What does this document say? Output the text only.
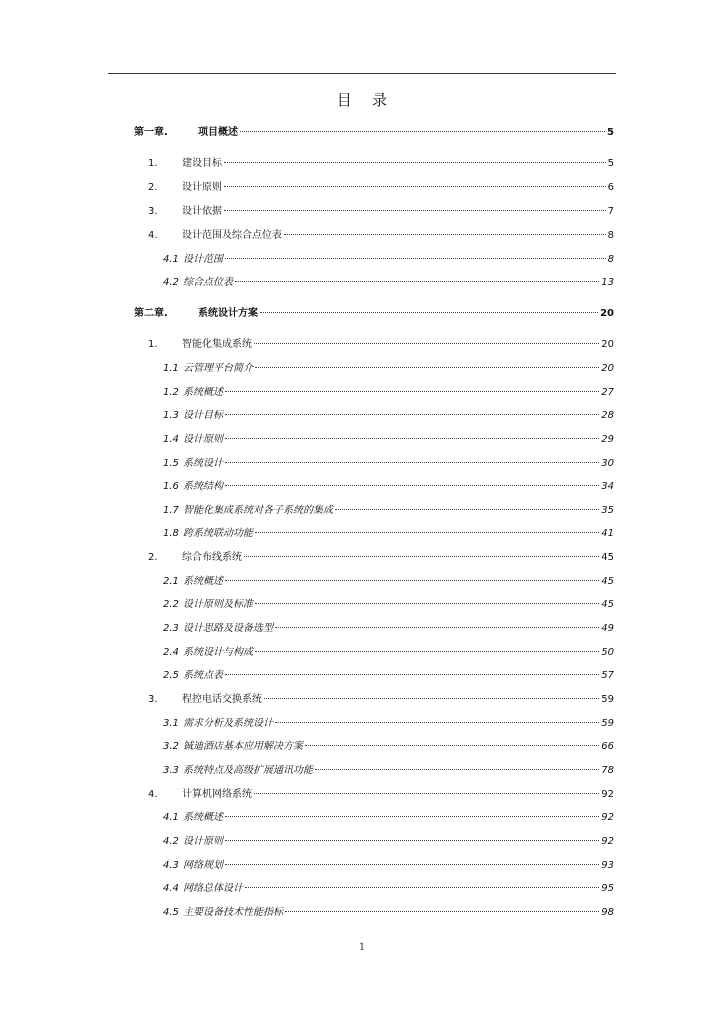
目 录
第一章.	项目概述	5
1.	建设目标	5
2.	设计原则	6
3.	设计依据	7
4.	设计范围及综合点位表	8
4.1 设计范围	8
4.2 综合点位表	13
第二章.	系统设计方案	20
1.	智能化集成系统	20
1.1 云管理平台简介	20
1.2 系统概述	27
1.3 设计目标	28
1.4 设计原则	29
1.5 系统设计	30
1.6 系统结构	34
1.7 智能化集成系统对各子系统的集成	35
1.8 跨系统联动功能	41
2.	综合布线系统	45
2.1 系统概述	45
2.2 设计原则及标准	45
2.3 设计思路及设备选型	49
2.4 系统设计与构成	50
2.5 系统点表	57
3.	程控电话交换系统	59
3.1 需求分析及系统设计	59
3.2 铖迪酒店基本应用解决方案	66
3.3 系统特点及高级扩展通讯功能	78
4.	计算机网络系统	92
4.1 系统概述	92
4.2 设计原则	92
4.3 网络规划	93
4.4 网络总体设计	95
4.5 主要设备技术性能指标	98
1
